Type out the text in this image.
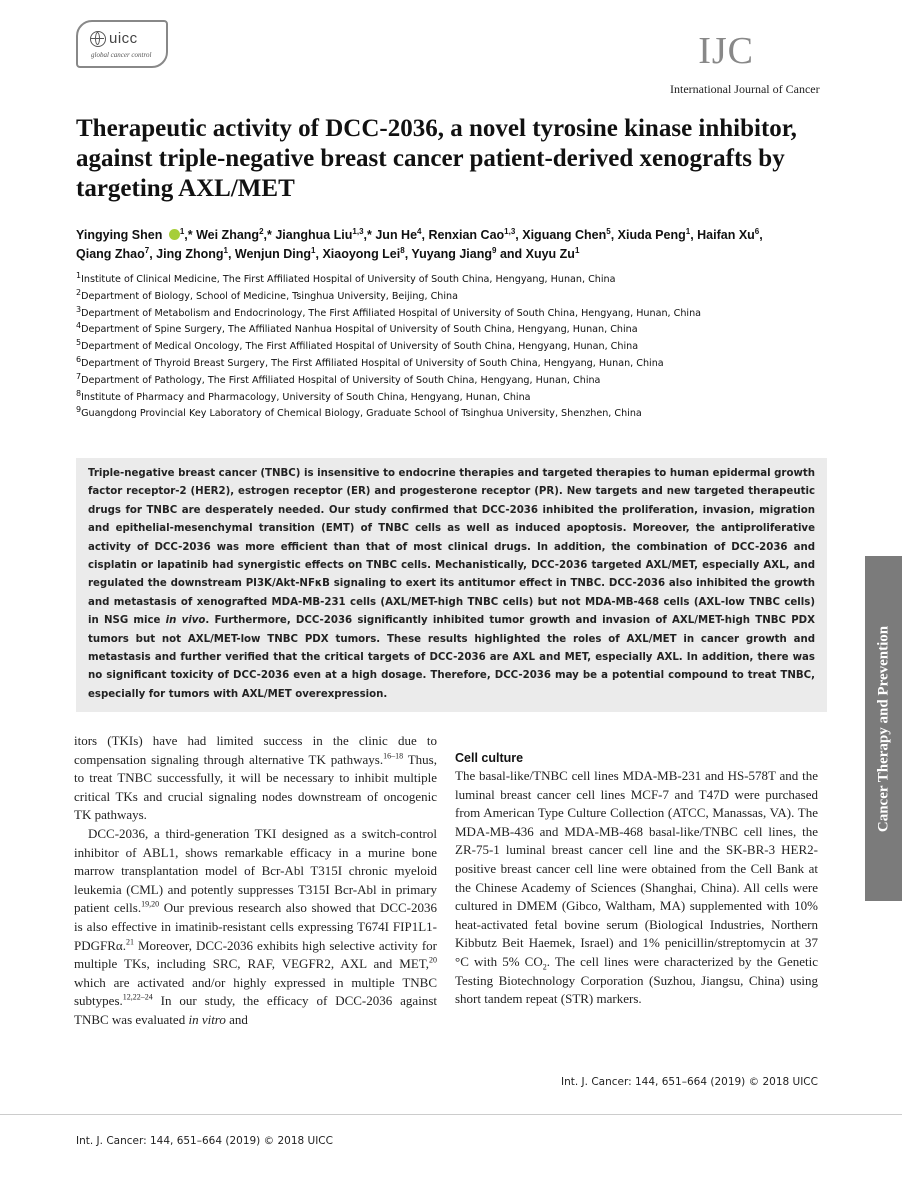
uicc
global cancer control	IJC
International Journal of Cancer
Therapeutic activity of DCC-2036, a novel tyrosine kinase inhibitor, against triple-negative breast cancer patient-derived xenografts by targeting AXL/MET
Yingying Shen $^1$,* Wei Zhang$^2$,* Jianghua Liu$^{1,3}$,* Jun He$^4$, Renxian Cao$^{1,3}$, Xiguang Chen$^5$, Xiuda Peng$^1$, Haifan Xu$^6$,
Qiang Zhao$^7$, Jing Zhong$^1$, Wenjun Ding$^1$, Xiaoyong Lei$^8$, Yuyang Jiang$^9$ and Xuyu Zu$^1$
$^1$Institute of Clinical Medicine, The First Affiliated Hospital of University of South China, Hengyang, Hunan, China
$^2$Department of Biology, School of Medicine, Tsinghua University, Beijing, China
$^3$Department of Metabolism and Endocrinology, The First Affiliated Hospital of University of South China, Hengyang, Hunan, China
$^4$Department of Spine Surgery, The Affiliated Nanhua Hospital of University of South China, Hengyang, Hunan, China
$^5$Department of Medical Oncology, The First Affiliated Hospital of University of South China, Hengyang, Hunan, China
$^6$Department of Thyroid Breast Surgery, The First Affiliated Hospital of University of South China, Hengyang, Hunan, China
$^7$Department of Pathology, The First Affiliated Hospital of University of South China, Hengyang, Hunan, China
$^8$Institute of Pharmacy and Pharmacology, University of South China, Hengyang, Hunan, China
$^9$Guangdong Provincial Key Laboratory of Chemical Biology, Graduate School of Tsinghua University, Shenzhen, China

Triple-negative breast cancer (TNBC) is insensitive to endocrine therapies and targeted therapies to human epidermal growth factor receptor-2 (HER2), estrogen receptor (ER) and progesterone receptor (PR). New targets and new targeted therapeutic drugs for TNBC are desperately needed. Our study confirmed that DCC-2036 inhibited the proliferation, invasion, migration and epithelial-mesenchymal transition (EMT) of TNBC cells as well as induced apoptosis. Moreover, the antiproliferative activity of DCC-2036 was more efficient than that of most clinical drugs. In addition, the combination of DCC-2036 and cisplatin or lapatinib had synergistic effects on TNBC cells. Mechanistically, DCC-2036 targeted AXL/MET, especially AXL, and regulated the downstream PI3K/Akt-NFκB signaling to exert its antitumor effect in TNBC. DCC-2036 also inhibited the growth and metastasis of xenografted MDA-MB-231 cells (AXL/MET-high TNBC cells) but not MDA-MB-468 cells (AXL-low TNBC cells) in NSG mice in vivo. Furthermore, DCC-2036 significantly inhibited tumor growth and invasion of AXL/MET-high TNBC PDX tumors but not AXL/MET-low TNBC PDX tumors. These results highlighted the roles of AXL/MET in cancer growth and metastasis and further verified that the critical targets of DCC-2036 are AXL and MET, especially AXL. In addition, there was no significant toxicity of DCC-2036 even at a high dosage. Therefore, DCC-2036 may be a potential compound to treat TNBC, especially for tumors with AXL/MET overexpression.	Cancer Therapy and Prevention

itors (TKIs) have had limited success in the clinic due to compensation signaling through alternative TK pathways.$^{16-18}$ Thus, to treat TNBC successfully, it will be necessary to inhibit multiple critical TKs and crucial signaling nodes downstream of oncogenic TK pathways.

DCC-2036, a third-generation TKI designed as a switch-control inhibitor of ABL1, shows remarkable efficacy in a murine bone marrow transplantation model of Bcr-Abl T315I chronic myeloid leukemia (CML) and potently suppresses T315I Bcr-Abl in primary patient cells.$^{19,20}$ Our previous research also showed that DCC-2036 is also effective in imatinib-resistant cells expressing T674I FIP1L1-PDGFRα.$^{21}$ Moreover, DCC-2036 exhibits high selective activity for multiple TKs, including SRC, RAF, VEGFR2, AXL and MET,$^{20}$ which are activated and/or highly expressed in multiple TNBC subtypes.$^{12,22-24}$ In our study, the efficacy of DCC-2036 against TNBC was evaluated in vitro and

Cell culture

The basal-like/TNBC cell lines MDA-MB-231 and HS-578T and the luminal breast cancer cell lines MCF-7 and T47D were purchased from American Type Culture Collection (ATCC, Manassas, VA). The MDA-MB-436 and MDA-MB-468 basal-like/TNBC cell lines, the ZR-75-1 luminal breast cancer cell line and the SK-BR-3 HER2-positive breast cancer cell line were obtained from the Cell Bank at the Chinese Academy of Sciences (Shanghai, China). All cells were cultured in DMEM (Gibco, Waltham, MA) supplemented with 10% heat-activated fetal bovine serum (Biological Industries, Northern Kibbutz Beit Haemek, Israel) and 1% penicillin/streptomycin at 37 °C with 5% $CO_2$. The cell lines were characterized by the Genetic Testing Biotechnology Corporation (Suzhou, Jiangsu, China) using short tandem repeat (STR) markers.

Int. J. Cancer: 144, 651–664 (2019) © 2018 UICC
Int. J. Cancer: 144, 651–664 (2019) © 2018 UICC
